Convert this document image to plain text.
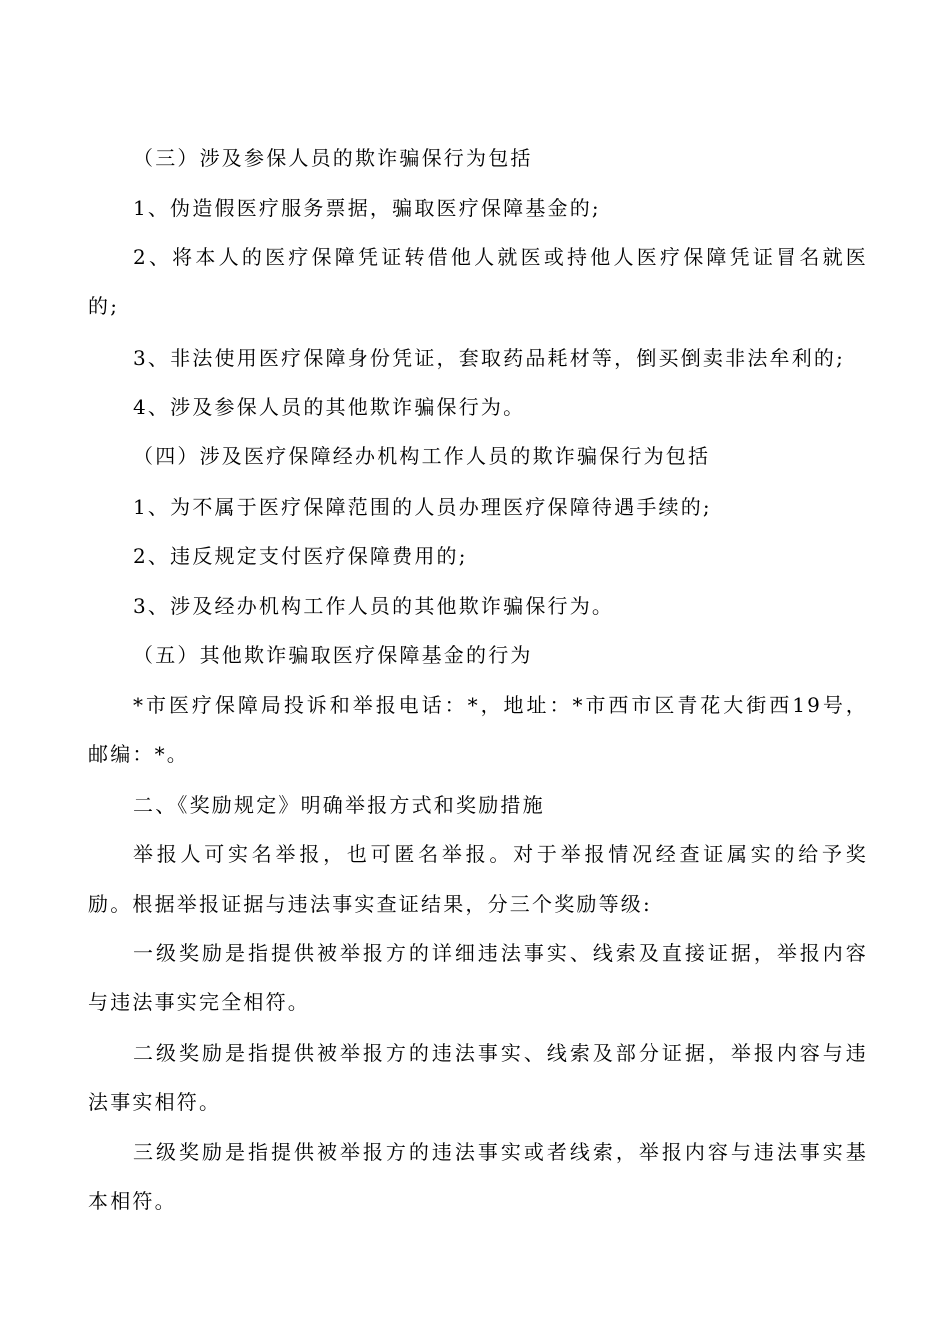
（三）涉及参保人员的欺诈骗保行为包括
1、伪造假医疗服务票据，骗取医疗保障基金的;
2、将本人的医疗保障凭证转借他人就医或持他人医疗保障凭证冒名就医
的;
3、非法使用医疗保障身份凭证，套取药品耗材等，倒买倒卖非法牟利的;
4、涉及参保人员的其他欺诈骗保行为。
（四）涉及医疗保障经办机构工作人员的欺诈骗保行为包括
1、为不属于医疗保障范围的人员办理医疗保障待遇手续的;
2、违反规定支付医疗保障费用的;
3、涉及经办机构工作人员的其他欺诈骗保行为。
（五）其他欺诈骗取医疗保障基金的行为
*市医疗保障局投诉和举报电话：*，地址：*市西市区青花大街西19号，
邮编：*。
二、《奖励规定》明确举报方式和奖励措施
举报人可实名举报，也可匿名举报。对于举报情况经查证属实的给予奖
励。根据举报证据与违法事实查证结果，分三个奖励等级:
一级奖励是指提供被举报方的详细违法事实、线索及直接证据，举报内容
与违法事实完全相符。
二级奖励是指提供被举报方的违法事实、线索及部分证据，举报内容与违
法事实相符。
三级奖励是指提供被举报方的违法事实或者线索，举报内容与违法事实基
本相符。
